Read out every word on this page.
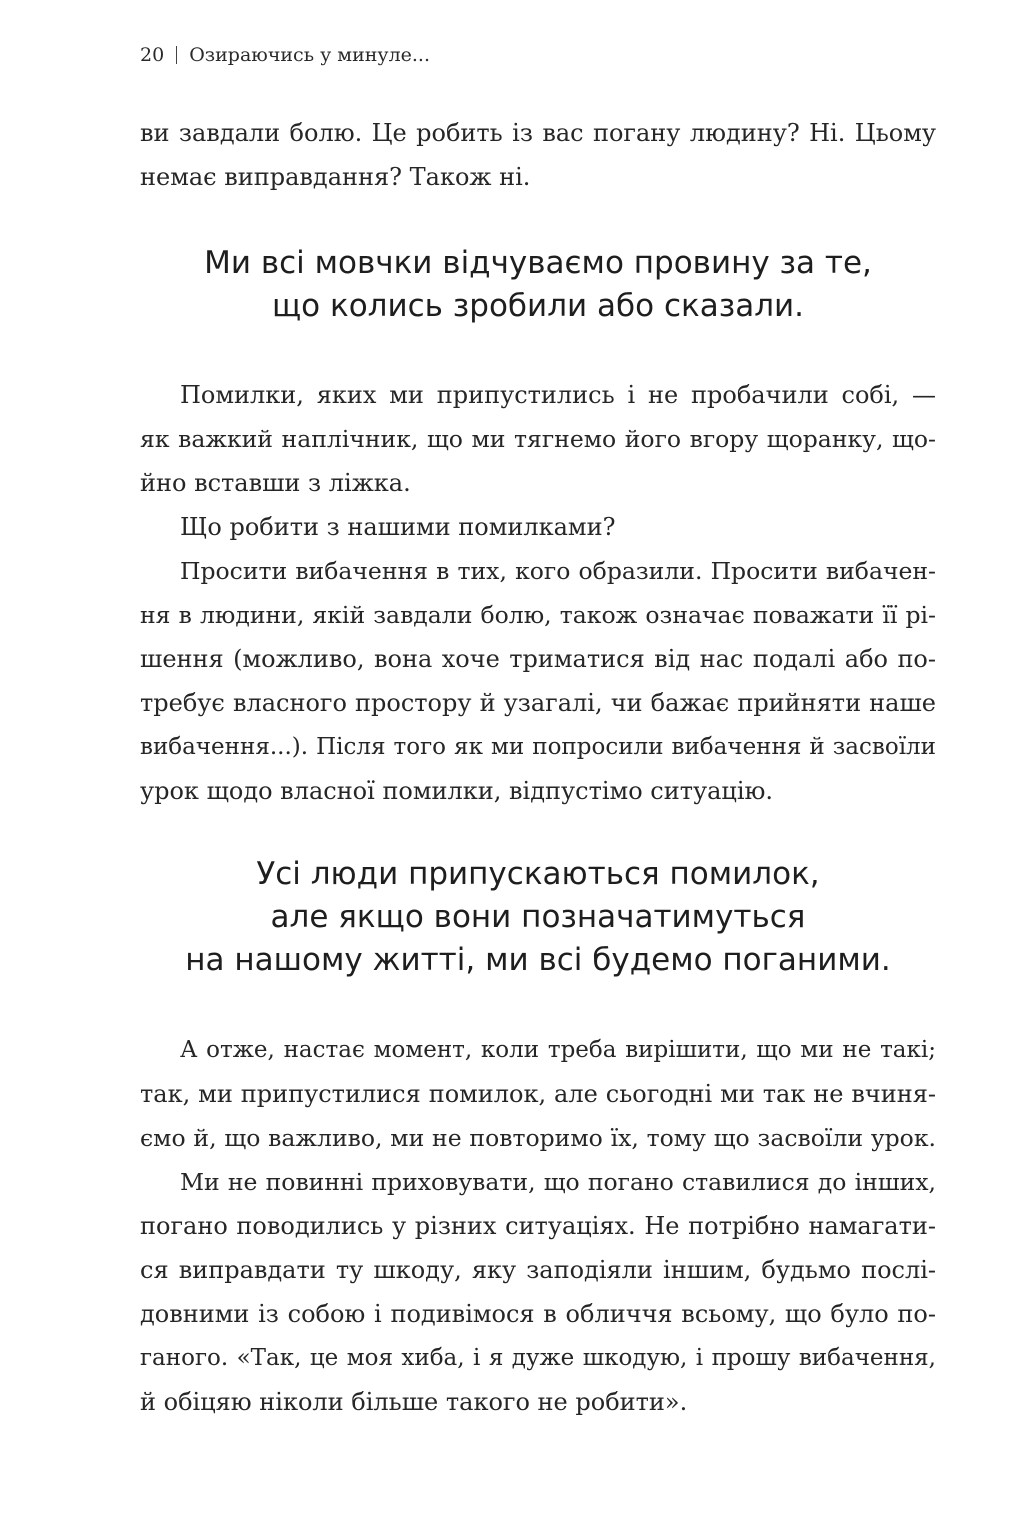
20 Озираючись у минуле...
ви завдали болю. Це робить із вас погану людину? Ні. Цьому
немає виправдання? Також ні.
Ми всі мовчки відчуваємо провину за те,
що колись зробили або сказали.
Помилки, яких ми припустились і не пробачили собі, —
як важкий наплічник, що ми тягнемо його вгору щоранку, що-
йно вставши з ліжка.
Що робити з нашими помилками?
Просити вибачення в тих, кого образили. Просити вибачен-
ня в людини, якій завдали болю, також означає поважати її рі-
шення (можливо, вона хоче триматися від нас подалі або по-
требує власного простору й узагалі, чи бажає прийняти наше
вибачення...). Після того як ми попросили вибачення й засвоїли
урок щодо власної помилки, відпустімо ситуацію.
Усі люди припускаються помилок,
але якщо вони позначатимуться
на нашому житті, ми всі будемо поганими.
А отже, настає момент, коли треба вирішити, що ми не такі;
так, ми припустилися помилок, але сьогодні ми так не вчиня-
ємо й, що важливо, ми не повторимо їх, тому що засвоїли урок.
Ми не повинні приховувати, що погано ставилися до інших,
погано поводились у різних ситуаціях. Не потрібно намагати-
ся виправдати ту шкоду, яку заподіяли іншим, будьмо послі-
довними із собою і подивімося в обличчя всьому, що було по-
ганого. «Так, це моя хиба, і я дуже шкодую, і прошу вибачення,
й обіцяю ніколи більше такого не робити».
